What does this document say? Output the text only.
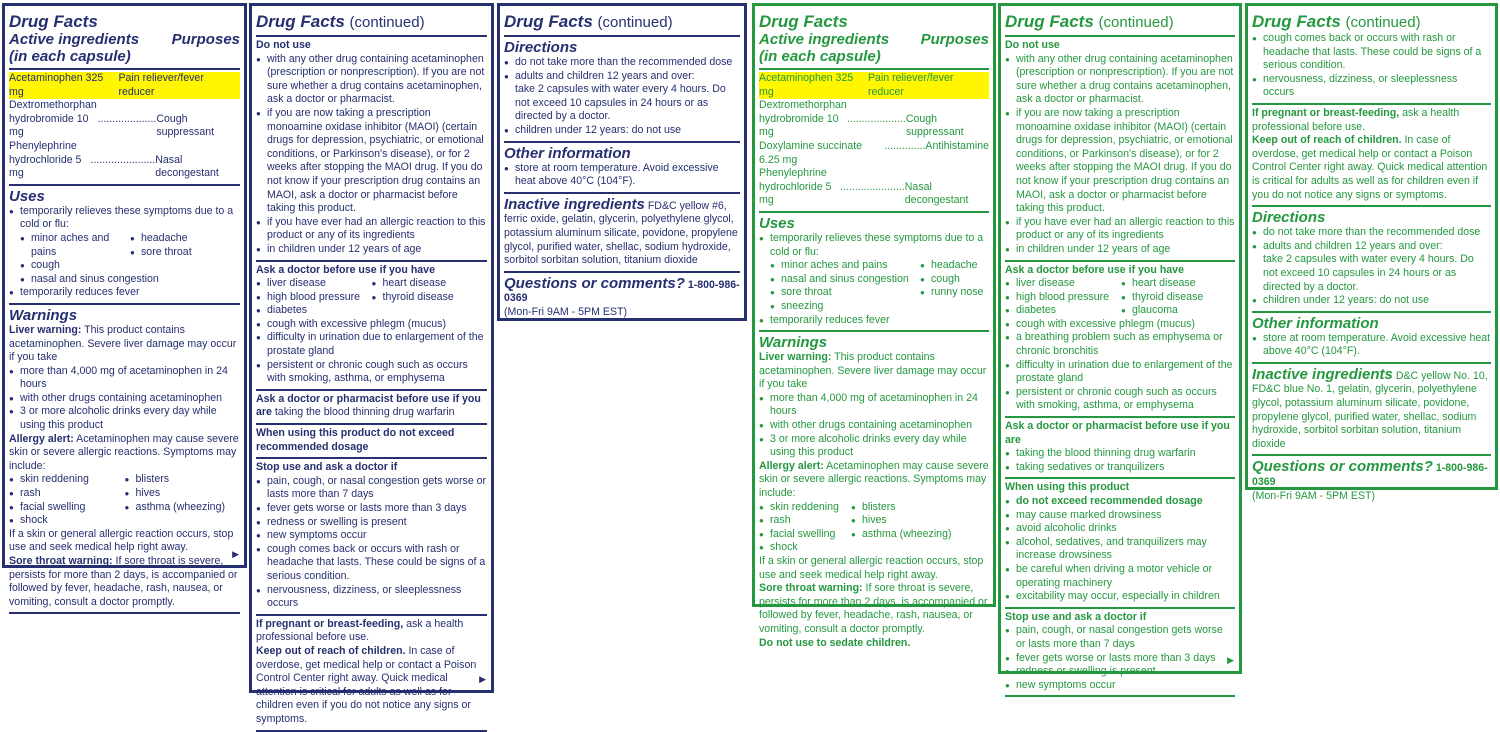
Drug Facts
Active ingredients Purposes
(in each capsule)
Acetaminophen 325 mg
Pain reliever/fever reducer
Dextromethorphan
hydrobromide 10 mg
.................... Cough suppressant
Phenylephrine
hydrochloride 5 mg
...................... Nasal decongestant
Uses
● temporarily relieves these symptoms due to a cold or flu:
● minor aches and pains
● cough
● headache
● sore throat
● nasal and sinus congestion
● temporarily reduces fever
Warnings
Liver warning: This product contains acetaminophen. Severe liver damage may occur if you take
● more than 4,000 mg of acetaminophen in 24 hours
● with other drugs containing acetaminophen
● 3 or more alcoholic drinks every day while using this product
Allergy alert: Acetaminophen may cause severe skin or severe allergic reactions. Symptoms may include:
● skin reddening
● rash
● facial swelling
● shock
● blisters
● hives
● asthma (wheezing)
If a skin or general allergic reaction occurs, stop use and seek medical help right away.
Sore throat warning: If sore throat is severe, persists for more than 2 days, is accompanied or followed by fever, headache, rash, nausea, or vomiting, consult a doctor promptly.
▶
Drug Facts (continued)
Do not use
● with any other drug containing acetaminophen (prescription or nonprescription). If you are not sure whether a drug contains acetaminophen, ask a doctor or pharmacist.
● if you are now taking a prescription monoamine oxidase inhibitor (MAOI) (certain drugs for depression, psychiatric, or emotional conditions, or Parkinson's disease), or for 2 weeks after stopping the MAOI drug. If you do not know if your prescription drug contains an MAOI, ask a doctor or pharmacist before taking this product.
● if you have ever had an allergic reaction to this product or any of its ingredients
● in children under 12 years of age
Ask a doctor before use if you have
● liver disease
● high blood pressure
● diabetes
● heart disease
● thyroid disease
● cough with excessive phlegm (mucus)
● difficulty in urination due to enlargement of the prostate gland
● persistent or chronic cough such as occurs with smoking, asthma, or emphysema
Ask a doctor or pharmacist before use if you are taking the blood thinning drug warfarin
When using this product do not exceed recommended dosage
Stop use and ask a doctor if
● pain, cough, or nasal congestion gets worse or lasts more than 7 days
● fever gets worse or lasts more than 3 days
● redness or swelling is present
● new symptoms occur
● cough comes back or occurs with rash or headache that lasts. These could be signs of a serious condition.
● nervousness, dizziness, or sleeplessness occurs
If pregnant or breast-feeding, ask a health professional before use.
Keep out of reach of children. In case of overdose, get medical help or contact a Poison Control Center right away. Quick medical attention is critical for adults as well as for children even if you do not notice any signs or symptoms.
▶
Drug Facts (continued)
Directions
● do not take more than the recommended dose
● adults and children 12 years and over:
take 2 capsules with water every 4 hours. Do not exceed 10 capsules in 24 hours or as directed by a doctor.
● children under 12 years: do not use
Other information
● store at room temperature. Avoid excessive heat above 40°C (104°F).
Inactive ingredients FD&C yellow #6, ferric oxide, gelatin, glycerin, polyethylene glycol, potassium aluminum silicate, povidone, propylene glycol, purified water, shellac, sodium hydroxide, sorbitol sorbitan solution, titanium dioxide
Questions or comments? 1-800-986-0369
(Mon-Fri 9AM - 5PM EST)
Drug Facts
Active ingredients Purposes
(in each capsule)
Acetaminophen 325 mg
Pain reliever/fever reducer
Dextromethorphan
hydrobromide 10 mg
.................... Cough suppressant
Doxylamine succinate 6.25 mg
.............. Antihistamine
Phenylephrine
hydrochloride 5 mg
...................... Nasal decongestant
Uses
● temporarily relieves these symptoms due to a cold or flu:
● minor aches and pains
● nasal and sinus congestion
● sore throat
● sneezing
● headache
● cough
● runny nose
● temporarily reduces fever
Warnings
Liver warning: This product contains acetaminophen. Severe liver damage may occur if you take
● more than 4,000 mg of acetaminophen in 24 hours
● with other drugs containing acetaminophen
● 3 or more alcoholic drinks every day while using this product
Allergy alert: Acetaminophen may cause severe skin or severe allergic reactions. Symptoms may include:
● skin reddening
● rash
● facial swelling
● shock
● blisters
● hives
● asthma (wheezing)
If a skin or general allergic reaction occurs, stop use and seek medical help right away.
Sore throat warning: If sore throat is severe, persists for more than 2 days, is accompanied or followed by fever, headache, rash, nausea, or vomiting, consult a doctor promptly.
Do not use to sedate children.
Drug Facts (continued)
Do not use
● with any other drug containing acetaminophen (prescription or nonprescription). If you are not sure whether a drug contains acetaminophen, ask a doctor or pharmacist.
● if you are now taking a prescription monoamine oxidase inhibitor (MAOI) (certain drugs for depression, psychiatric, or emotional conditions, or Parkinson's disease), or for 2 weeks after stopping the MAOI drug. If you do not know if your prescription drug contains an MAOI, ask a doctor or pharmacist before taking this product.
● if you have ever had an allergic reaction to this product or any of its ingredients
● in children under 12 years of age
Ask a doctor before use if you have
● liver disease
● high blood pressure
● diabetes
● heart disease
● thyroid disease
● glaucoma
● cough with excessive phlegm (mucus)
● a breathing problem such as emphysema or chronic bronchitis
● difficulty in urination due to enlargement of the prostate gland
● persistent or chronic cough such as occurs with smoking, asthma, or emphysema
Ask a doctor or pharmacist before use if you are
● taking the blood thinning drug warfarin
● taking sedatives or tranquilizers
When using this product
● do not exceed recommended dosage
● may cause marked drowsiness
● avoid alcoholic drinks
● alcohol, sedatives, and tranquilizers may increase drowsiness
● be careful when driving a motor vehicle or operating machinery
● excitability may occur, especially in children
Stop use and ask a doctor if
● pain, cough, or nasal congestion gets worse or lasts more than 7 days
● fever gets worse or lasts more than 3 days
● redness or swelling is present
● new symptoms occur
▶
Drug Facts (continued)
● cough comes back or occurs with rash or headache that lasts. These could be signs of a serious condition.
● nervousness, dizziness, or sleeplessness occurs
If pregnant or breast-feeding, ask a health professional before use.
Keep out of reach of children. In case of overdose, get medical help or contact a Poison Control Center right away. Quick medical attention is critical for adults as well as for children even if you do not notice any signs or symptoms.
Directions
● do not take more than the recommended dose
● adults and children 12 years and over:
take 2 capsules with water every 4 hours. Do not exceed 10 capsules in 24 hours or as directed by a doctor.
● children under 12 years: do not use
Other information
● store at room temperature. Avoid excessive heat above 40°C (104°F).
Inactive ingredients D&C yellow No. 10, FD&C blue No. 1, gelatin, glycerin, polyethylene glycol, potassium aluminum silicate, povidone, propylene glycol, purified water, shellac, sodium hydroxide, sorbitol sorbitan solution, titanium dioxide
Questions or comments? 1-800-986-0369
(Mon-Fri 9AM - 5PM EST)
